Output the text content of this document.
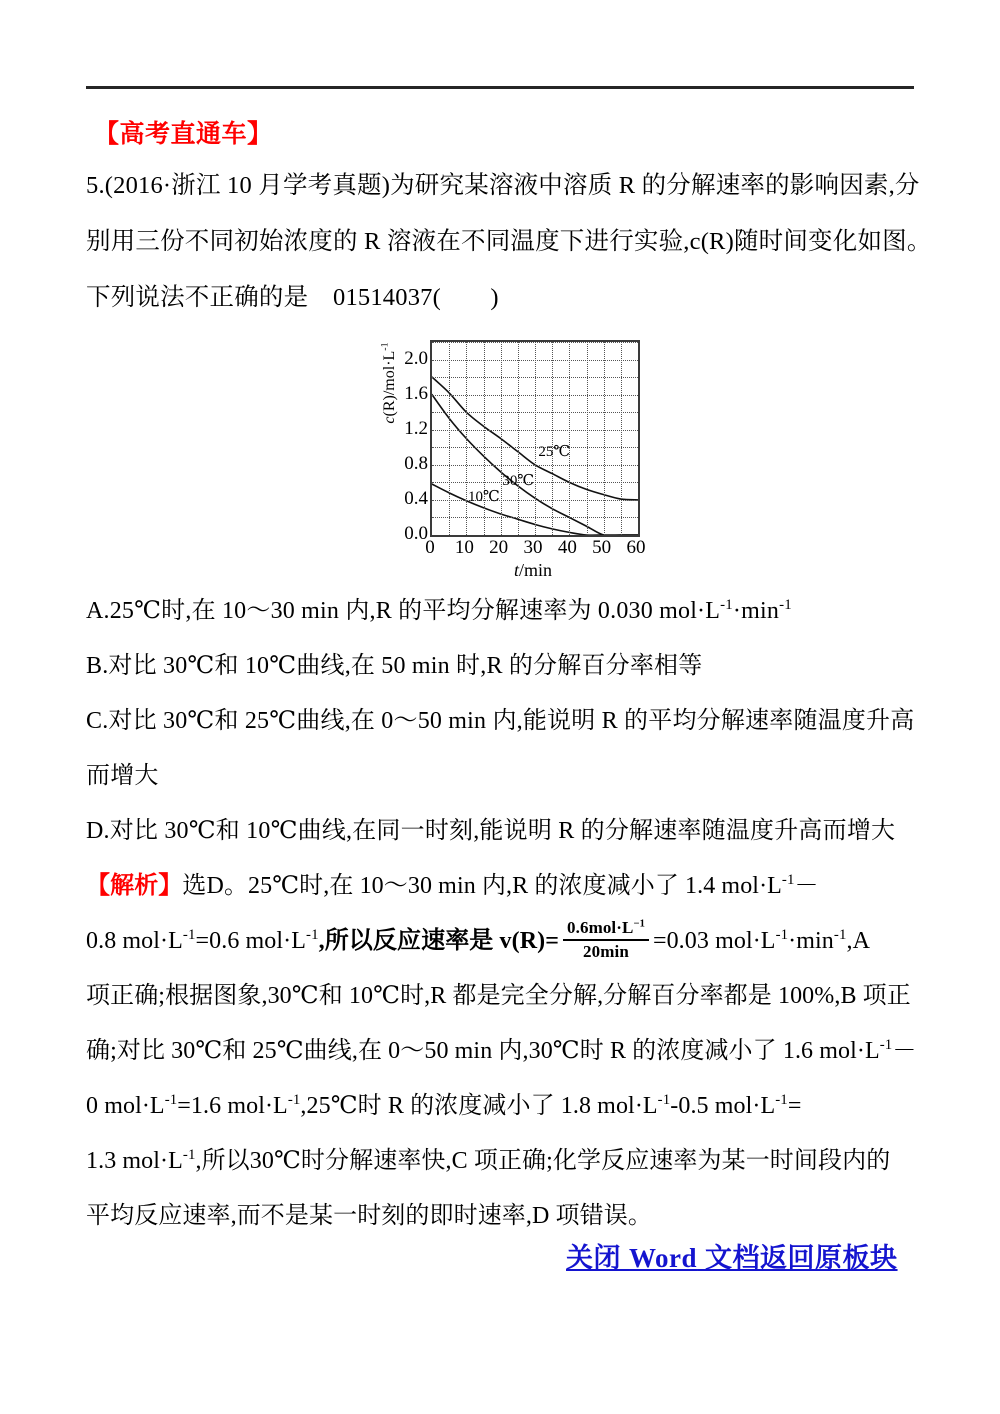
【高考直通车】
5.(2016·浙江 10 月学考真题)为研究某溶液中溶质 R 的分解速率的影响因素,分
别用三份不同初始浓度的 R 溶液在不同温度下进行实验,c(R)随时间变化如图。
下列说法不正确的是　01514037(　　)
A.25℃时,在 10～30 min 内,R 的平均分解速率为 0.030 $mol\cdot L^{-1}\cdot\min^{-1}$
B.对比 30℃和 10℃曲线,在 50 min 时,R 的分解百分率相等
C.对比 30℃和 25℃曲线,在 0～50 min 内,能说明 R 的平均分解速率随温度升高
而增大
D.对比 30℃和 10℃曲线,在同一时刻,能说明 R 的分解速率随温度升高而增大
【解析】选D。25℃时,在 10～30 min 内,R 的浓度减小了 1.4 $mol\cdot L^{-1}-$
0.8 $mol\cdot L^{-1}=0.6$ $mol\cdot L^{-1}$,所以反应速率是 $v(R)= \frac{0.6mol\cdot L^{-1}}{20\min} =0.03$ $mol\cdot L^{-1}\cdot\min^{-1},A$
项正确;根据图象,30℃和 10℃时,R 都是完全分解,分解百分率都是 100%,B 项正
确;对比 30℃和 25℃曲线,在 0～50 min 内,30℃时 R 的浓度减小了 1.6 $mol\cdot L^{-1}-$
0 $mol\cdot L^{-1}=1.6$ $mol\cdot L^{-1},25℃$时 R 的浓度减小了 1.8 $mol\cdot L^{-1}-0.5$ $mol\cdot L^{-1}=$
1.3 $mol\cdot L^{-1}$,所以30℃时分解速率快,C 项正确;化学反应速率为某一时间段内的
平均反应速率,而不是某一时刻的即时速率,D 项错误。
$c(R)/mol\cdot L^{-1}$
0.0
0.4
0.8
1.2
1.6
2.0
25℃
30℃
10℃
0 10 20 30 40 50 60
t/min
关闭 Word 文档返回原板块
